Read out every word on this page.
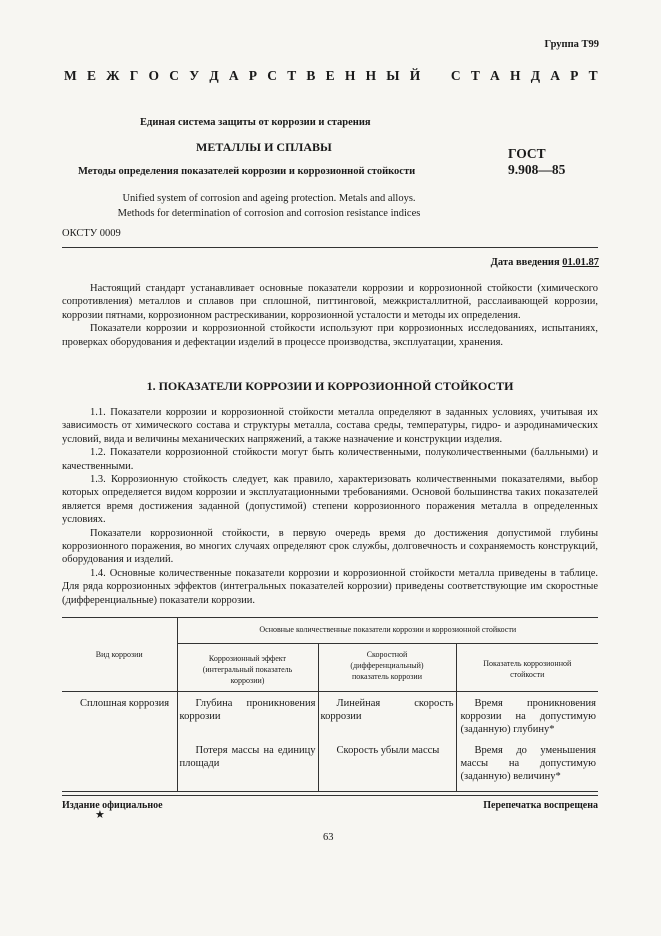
Группа Т99
М Е Ж Г О С У Д А Р С Т В Е Н Н Ы Й С Т А Н Д А Р Т
Единая система защиты от коррозии и старения
МЕТАЛЛЫ И СПЛАВЫ
Методы определения показателей коррозии и коррозионной стойкости
ГОСТ
9.908—85
Unified system of corrosion and ageing protection. Metals and alloys.
Methods for determination of corrosion and corrosion resistance indices
ОКСТУ 0009
Дата введения 01.01.87

Настоящий стандарт устанавливает основные показатели коррозии и коррозионной стойкости (химического сопротивления) металлов и сплавов при сплошной, питтинговой, межкристаллитной, расслаивающей коррозии, коррозии пятнами, коррозионном растрескивании, коррозионной усталости и методы их определения.

Показатели коррозии и коррозионной стойкости используют при коррозионных исследованиях, испытаниях, проверках оборудования и дефектации изделий в процессе производства, эксплуатации, хранения.

1. ПОКАЗАТЕЛИ КОРРОЗИИ И КОРРОЗИОННОЙ СТОЙКОСТИ

1.1. Показатели коррозии и коррозионной стойкости металла определяют в заданных условиях, учитывая их зависимость от химического состава и структуры металла, состава среды, температуры, гидро- и аэродинамических условий, вида и величины механических напряжений, а также назначение и конструкции изделия.

1.2. Показатели коррозионной стойкости могут быть количественными, полуколичественными (балльными) и качественными.

1.3. Коррозионную стойкость следует, как правило, характеризовать количественными показателями, выбор которых определяется видом коррозии и эксплуатационными требованиями. Основой большинства таких показателей является время достижения заданной (допустимой) степени коррозионного поражения металла в определенных условиях.

Показатели коррозионной стойкости, в первую очередь время до достижения допустимой глубины коррозионного поражения, во многих случаях определяют срок службы, долговечность и сохраняемость конструкций, оборудования и изделий.

1.4. Основные количественные показатели коррозии и коррозионной стойкости металла приведены в таблице. Для ряда коррозионных эффектов (интегральных показателей коррозии) приведены соответствующие им скоростные (дифференциальные) показатели коррозии.

Вид коррозии	Основные количественные показатели коррозии и коррозионной стойкости		
	Коррозионный эффект (интегральный показатель коррозии)	Скоростной (дифференциальный) показатель коррозии	Показатель коррозионной стойкости
Сплошная коррозия	Глубина проникновения коррозии	Линейная скорость коррозии	Время проникновения коррозии на допустимую (заданную) глубину*
	Потеря массы на единицу площади	Скорость убыли массы	Время до уменьшения массы на допустимую (заданную) величину*
Издание официальное
★
Перепечатка воспрещена
63
